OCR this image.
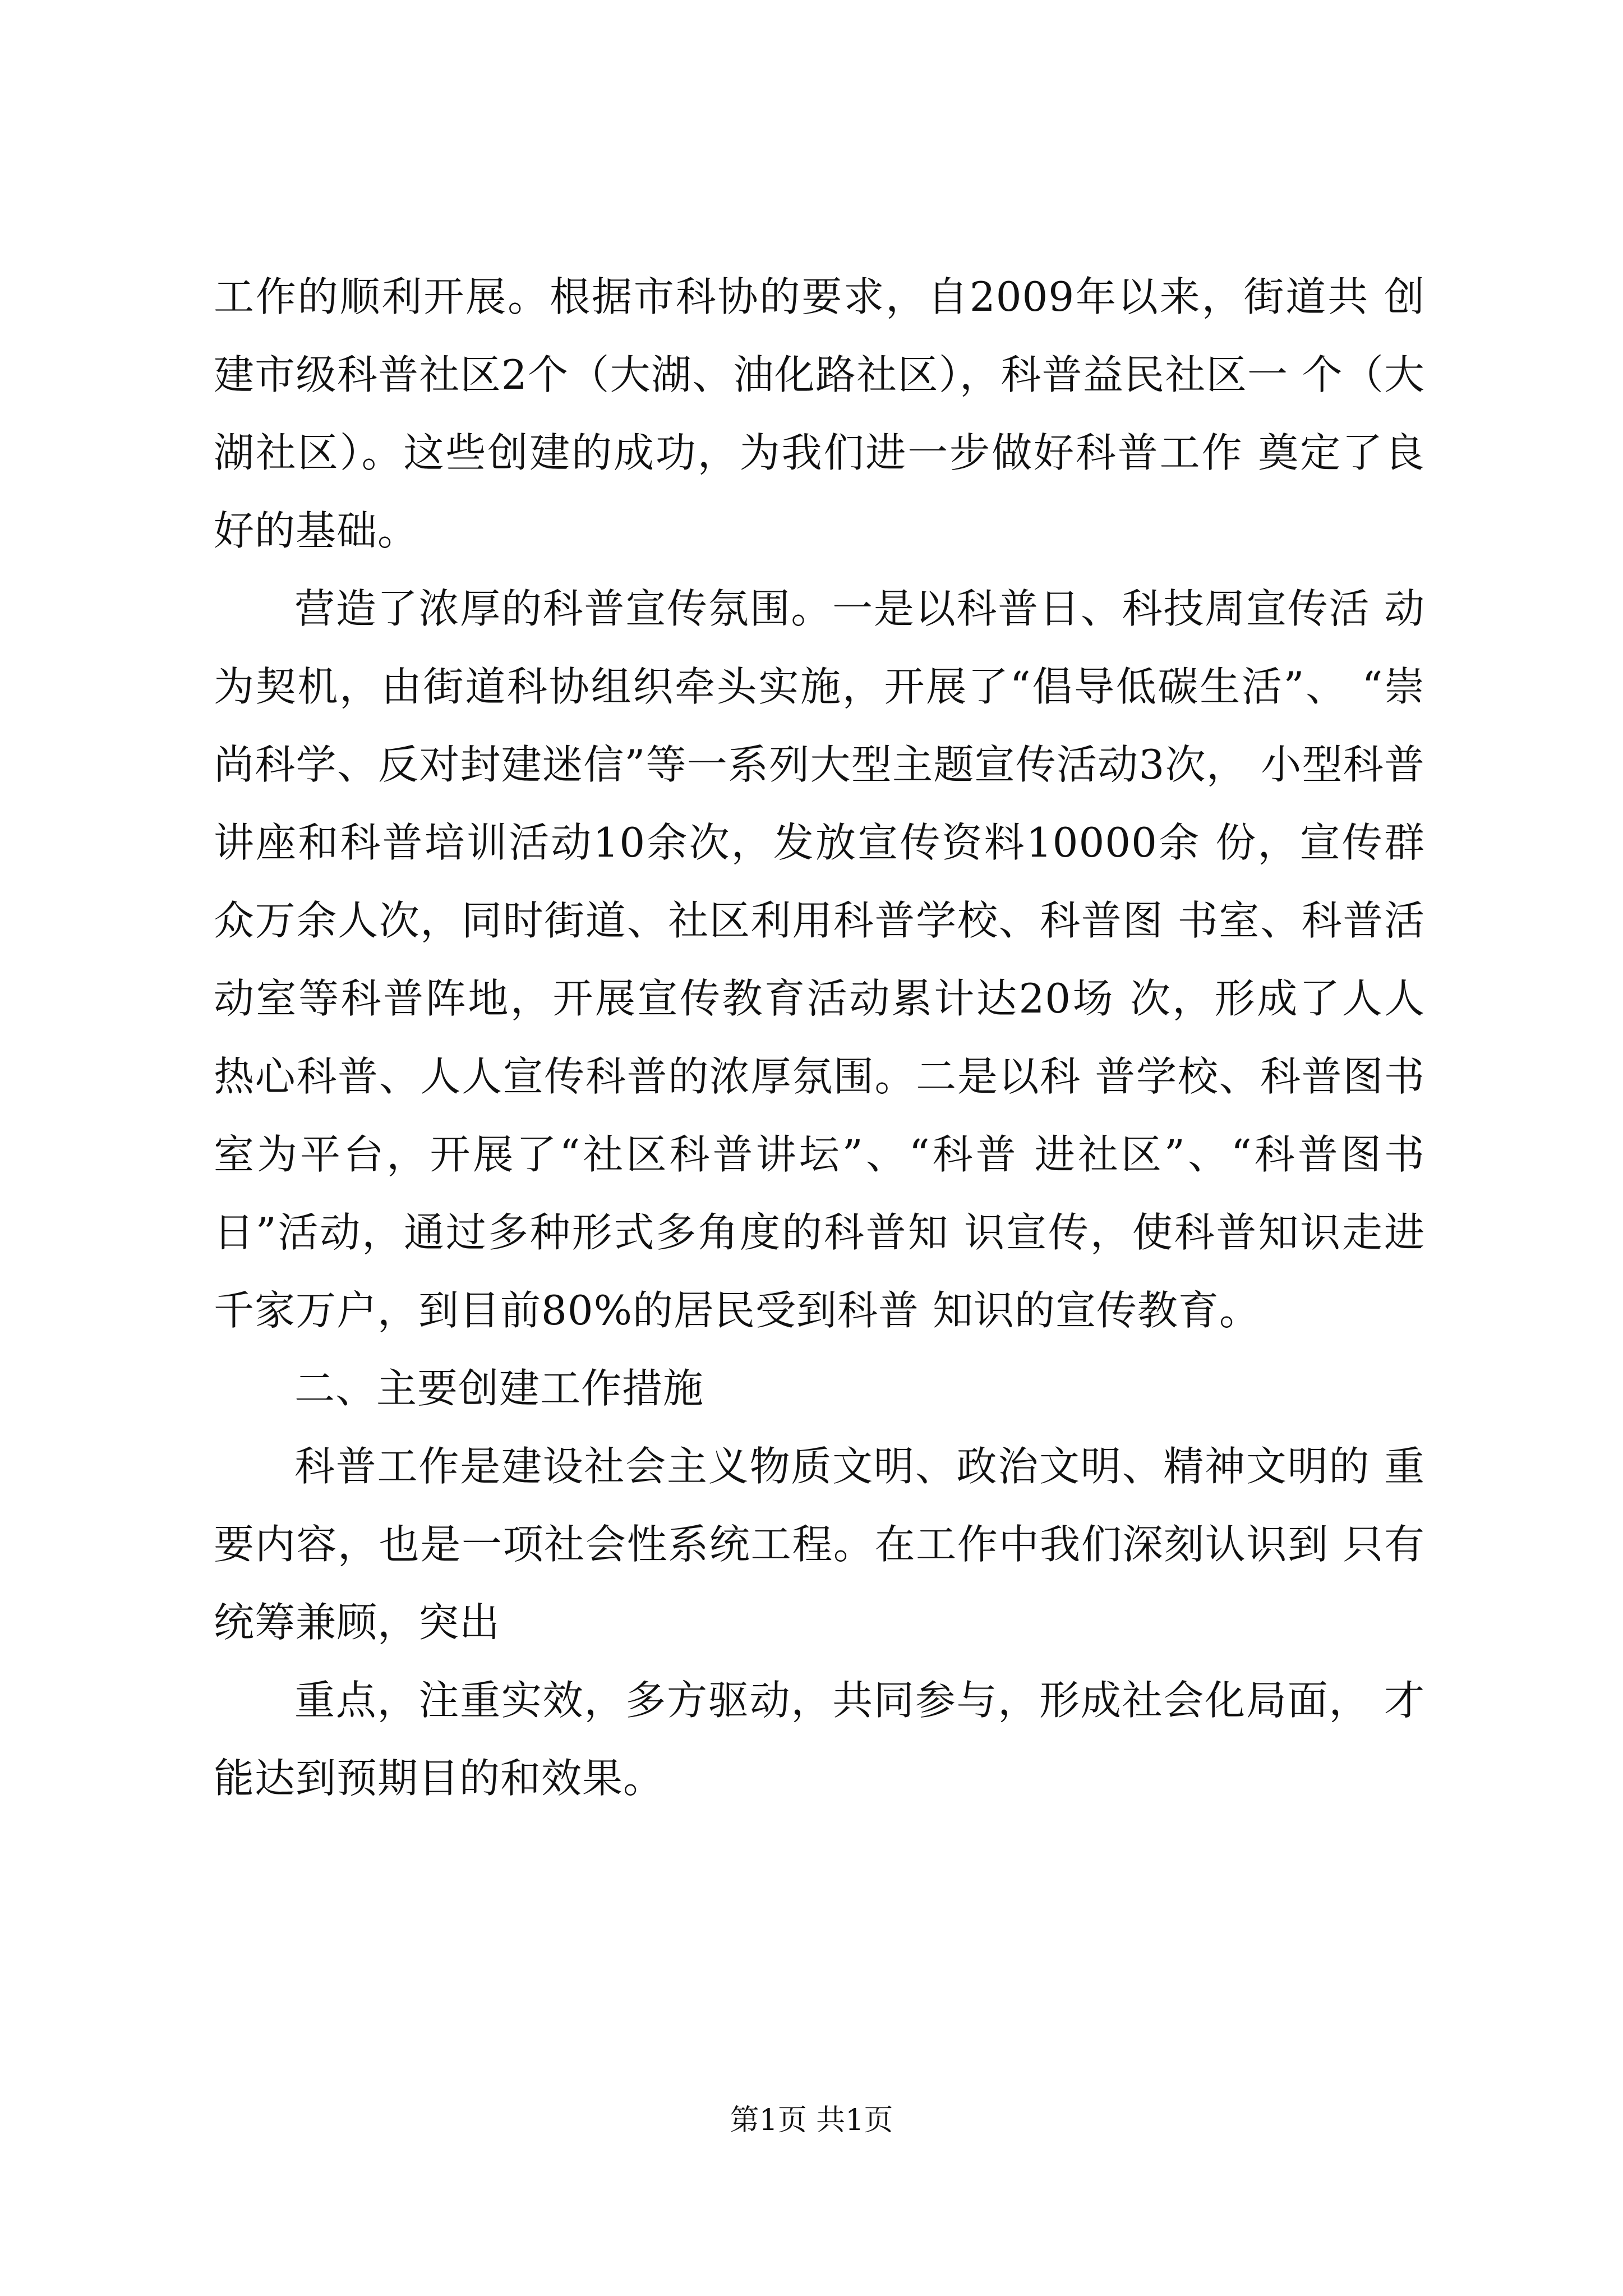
工作的顺利开展。根据市科协的要求，自2009年以来，街道共 创建市级科普社区2个（大湖、油化路社区），科普益民社区一 个（大湖社区）。这些创建的成功，为我们进一步做好科普工作 奠定了良好的基础。

营造了浓厚的科普宣传氛围。一是以科普日、科技周宣传活 动为契机，由街道科协组织牵头实施，开展了“倡导低碳生活”、 “崇尚科学、反对封建迷信”等一系列大型主题宣传活动3次， 小型科普讲座和科普培训活动10余次，发放宣传资料10000余 份，宣传群众万余人次，同时街道、社区利用科普学校、科普图 书室、科普活动室等科普阵地，开展宣传教育活动累计达20场 次，形成了人人热心科普、人人宣传科普的浓厚氛围。二是以科 普学校、科普图书室为平台，开展了“社区科普讲坛”、“科普 进社区”、“科普图书日”活动，通过多种形式多角度的科普知 识宣传，使科普知识走进千家万户，到目前80%的居民受到科普 知识的宣传教育。

二、主要创建工作措施

科普工作是建设社会主义物质文明、政治文明、精神文明的 重要内容，也是一项社会性系统工程。在工作中我们深刻认识到 只有统筹兼顾，突出

重点，注重实效，多方驱动，共同参与，形成社会化局面， 才能达到预期目的和效果。

第1页 共1页
